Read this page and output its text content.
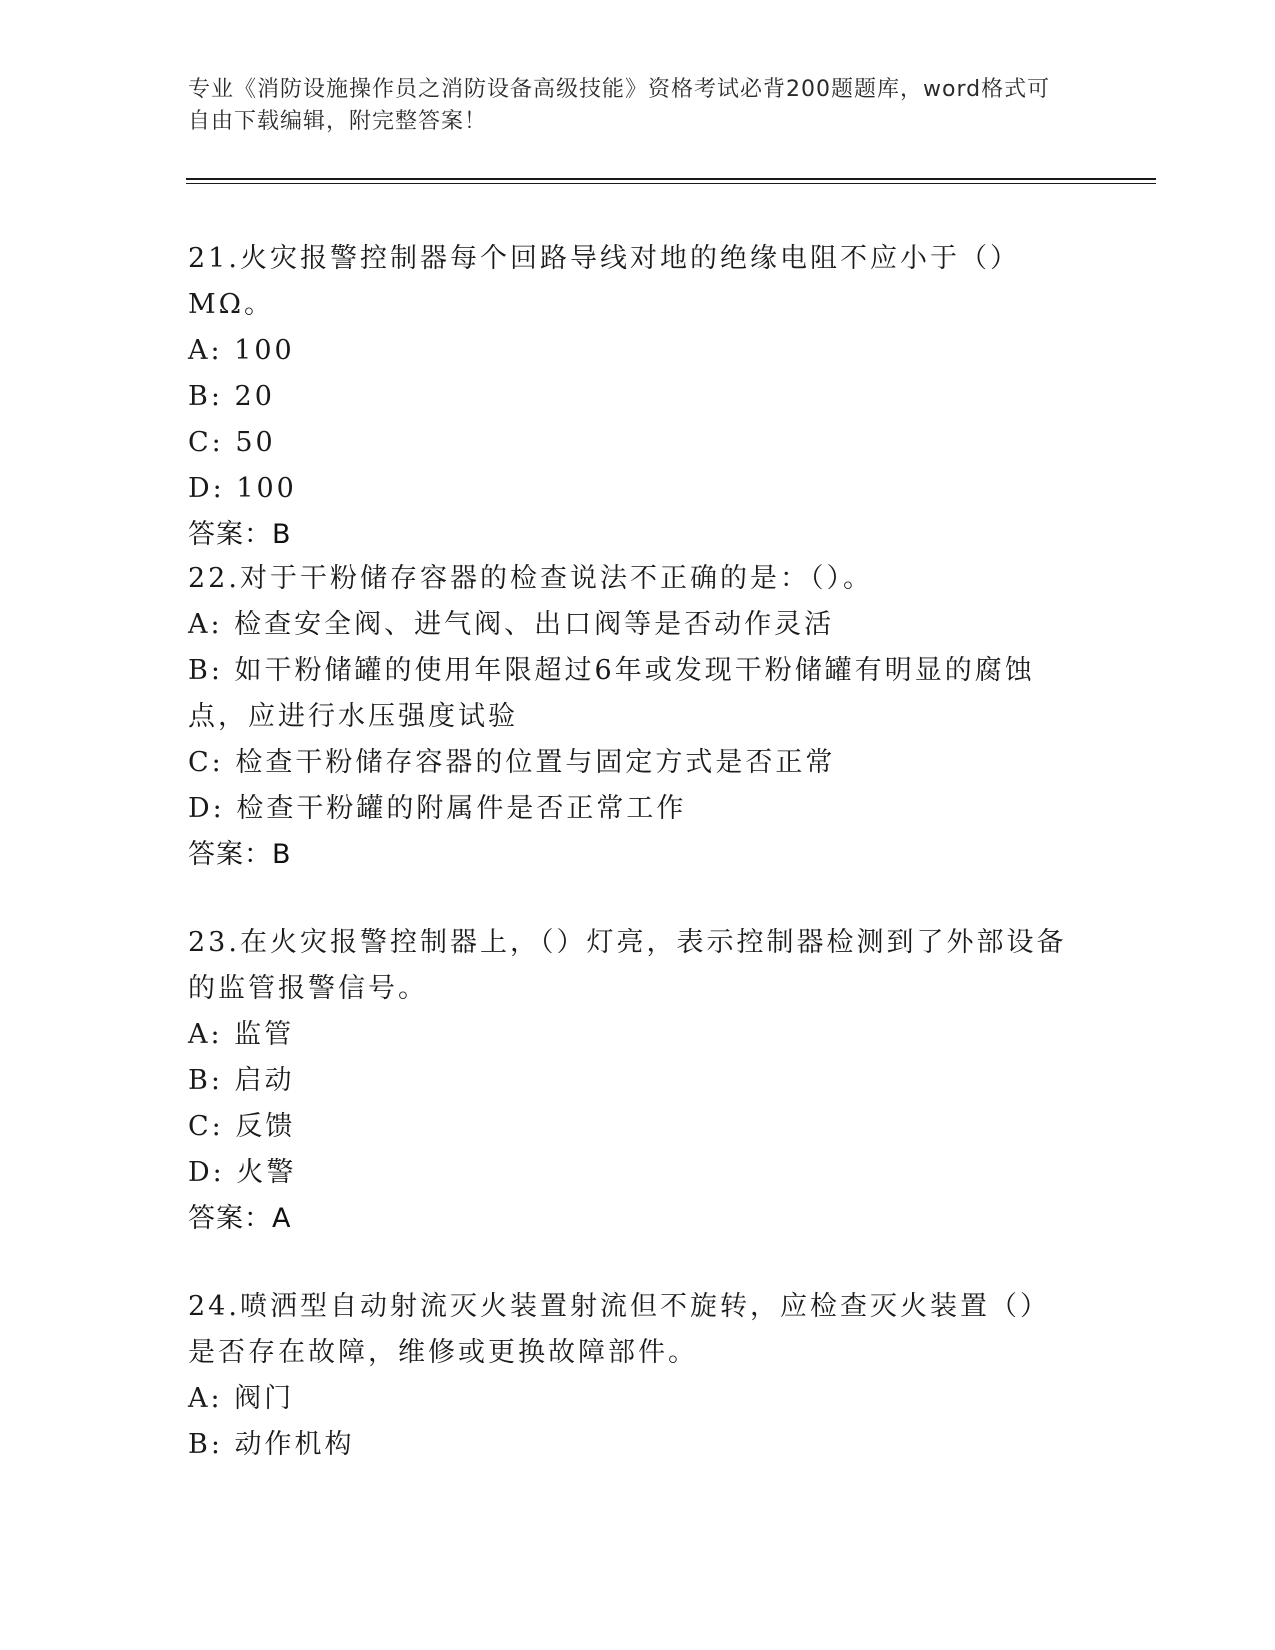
专业《消防设施操作员之消防设备高级技能》资格考试必背200题题库，word格式可自由下载编辑，附完整答案！
21.火灾报警控制器每个回路导线对地的绝缘电阻不应小于（）MΩ。
A: 100
B: 20
C: 50
D: 100
答案：B
22.对于干粉储存容器的检查说法不正确的是：（）。
A: 检查安全阀、进气阀、出口阀等是否动作灵活
B: 如干粉储罐的使用年限超过6年或发现干粉储罐有明显的腐蚀点，应进行水压强度试验
C: 检查干粉储存容器的位置与固定方式是否正常
D: 检查干粉罐的附属件是否正常工作
答案：B
23.在火灾报警控制器上，（）灯亮，表示控制器检测到了外部设备的监管报警信号。
A: 监管
B: 启动
C: 反馈
D: 火警
答案：A
24.喷洒型自动射流灭火装置射流但不旋转，应检查灭火装置（）是否存在故障，维修或更换故障部件。
A: 阀门
B: 动作机构
